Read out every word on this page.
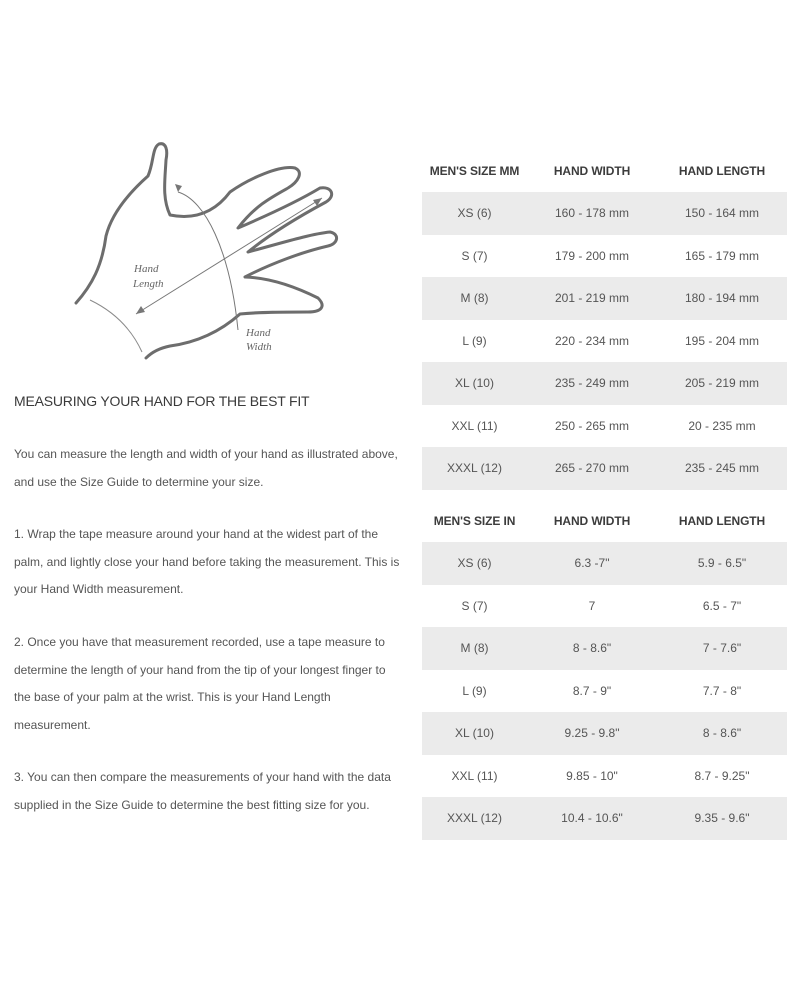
Hand
Length
Hand
Width
MEASURING YOUR HAND FOR THE BEST FIT

You can measure the length and width of your hand as illustrated above, and use the Size Guide to determine your size.

1. Wrap the tape measure around your hand at the widest part of the palm, and lightly close your hand before taking the measurement. This is your Hand Width measurement.

2. Once you have that measurement recorded, use a tape measure to determine the length of your hand from the tip of your longest finger to the base of your palm at the wrist. This is your Hand Length measurement.

3. You can then compare the measurements of your hand with the data supplied in the Size Guide to determine the best fitting size for you.

MEN'S SIZE MM	HAND WIDTH	HAND LENGTH
XS (6)	160 - 178 mm	150 - 164 mm
S (7)	179 - 200 mm	165 - 179 mm
M (8)	201 - 219 mm	180 - 194 mm
L (9)	220 - 234 mm	195 - 204 mm
XL (10)	235 - 249 mm	205 - 219 mm
XXL (11)	250 - 265 mm	20 - 235 mm
XXXL (12)	265 - 270 mm	235 - 245 mm
MEN'S SIZE IN	HAND WIDTH	HAND LENGTH
XS (6)	6.3 -7"	5.9 - 6.5"
S (7)	7	6.5 - 7"
M (8)	8 - 8.6"	7 - 7.6"
L (9)	8.7 - 9"	7.7 - 8"
XL (10)	9.25 - 9.8"	8 - 8.6"
XXL (11)	9.85 - 10"	8.7 - 9.25"
XXXL (12)	10.4 - 10.6"	9.35 - 9.6"
